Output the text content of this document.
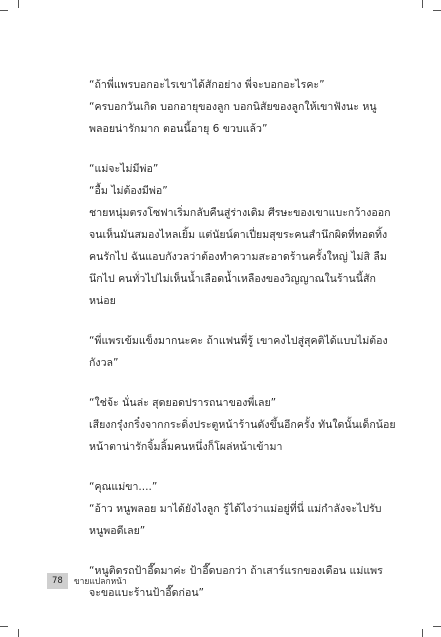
“ถ้าพี่แพรบอกอะไรเขาได้สักอย่าง พี่จะบอกอะไรคะ”
“ครบอกวันเกิด บอกอายุของลูก บอกนิสัยของลูกให้เขาฟังนะ หนู
พลอยน่ารักมาก ตอนนี้อายุ 6 ขวบแล้ว”
“แม่จะไม่มีพ่อ”
“อื้ม ไม่ต้องมีพ่อ”
ชายหนุ่มตรงโซฟาเริ่มกลับคืนสู่ร่างเดิม ศีรษะของเขาแบะกว้างออก
จนเห็นมันสมองไหลเยิ้ม แต่นัยน์ตาเปี่ยมสุขระคนสำนึกผิดที่ทอดทิ้ง
คนรักไป ฉันแอบกังวลว่าต้องทำความสะอาดร้านครั้งใหญ่ ไม่สิ ลืม
นึกไป คนทั่วไปไม่เห็นน้ำเลือดน้ำเหลืองของวิญญาณในร้านนี้สัก
หน่อย
“พี่แพรเข้มแข็งมากนะคะ ถ้าแฟนพี่รู้ เขาคงไปสู่สุคติได้แบบไม่ต้อง
กังวล”
“ใช่จ้ะ นั่นล่ะ สุดยอดปรารถนาของพี่เลย”
เสียงกรุ๋งกริ๋งจากกระดิ่งประตูหน้าร้านดังขึ้นอีกครั้ง ทันใดนั้นเด็กน้อย
หน้าตาน่ารักจิ้มลิ้มคนหนึ่งก็โผล่หน้าเข้ามา
“คุณแม่ขา....”
“อ้าว หนูพลอย มาได้ยังไงลูก รู้ได้ไงว่าแม่อยู่ที่นี่ แม่กำลังจะไปรับ
หนูพอดีเลย”
“หนูติดรถป้าอี๊ดมาค่ะ ป้าอี๊ดบอกว่า ถ้าเสาร์แรกของเดือน แม่แพร
จะขอแบะร้านป้าอี๊ดก่อน”
78	ขายแปลกหน้า
